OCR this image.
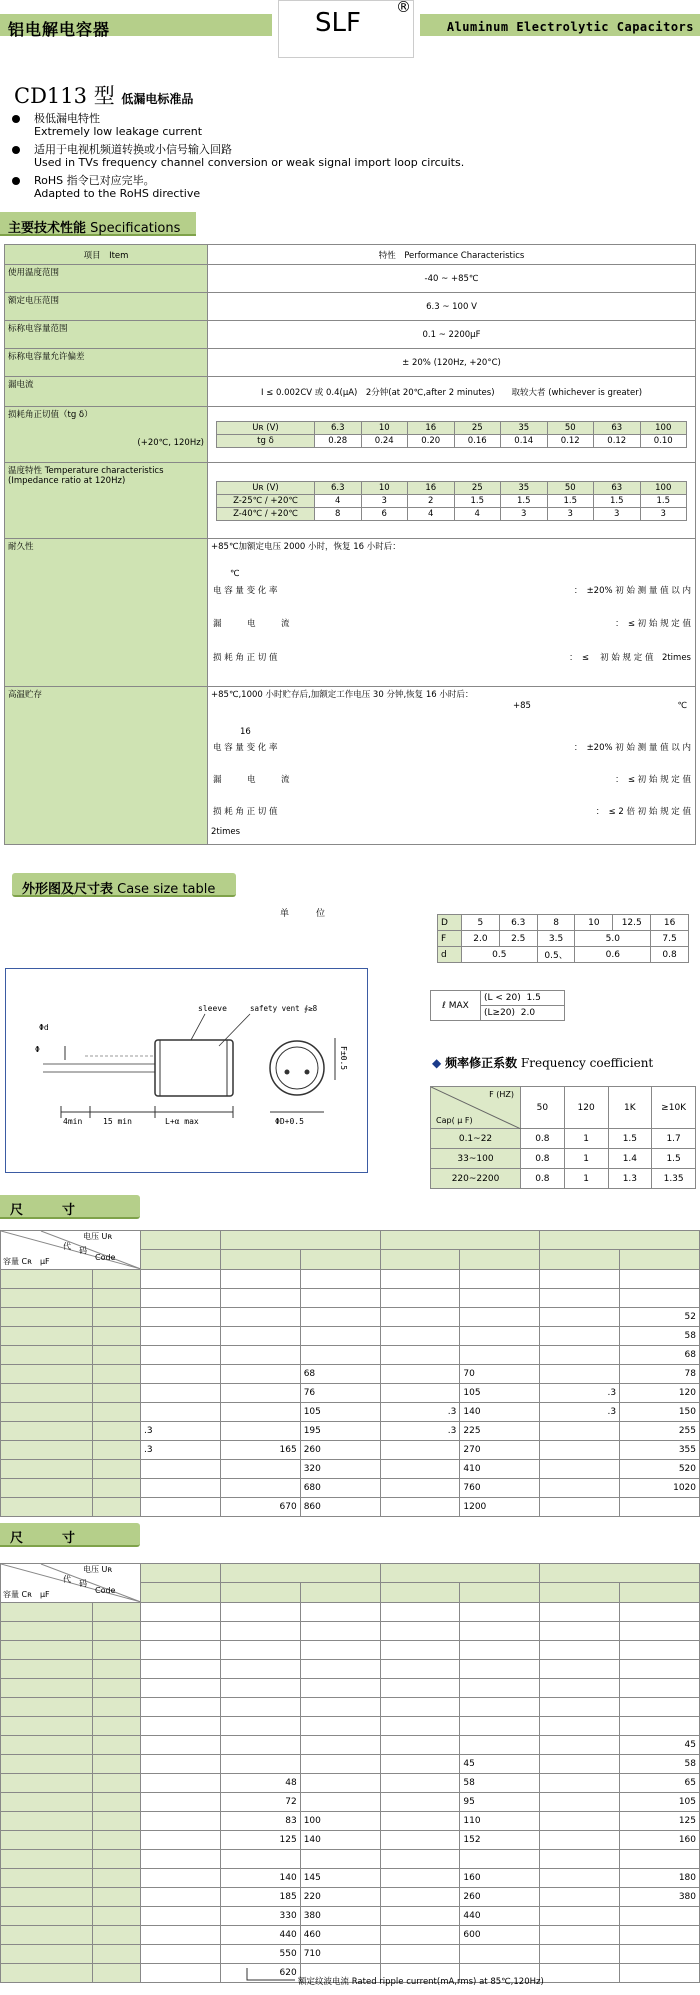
铝电解电容器	Aluminum Electrolytic Capacitors
SLF
®
CD113 型 低漏电标准品
极低漏电特性
Extremely low leakage current
适用于电视机频道转换或小信号输入回路
Used in TVs frequency channel conversion or weak signal import loop circuits.
RoHS 指令已对应完毕。
Adapted to the RoHS directive
主要技术性能 Specifications
项目　Item	特性　Performance Characteristics
使用温度范围	-40 ~ +85℃
额定电压范围	6.3 ~ 100 V
标称电容量范围	0.1 ~ 2200μF
标称电容量允许偏差	± 20% (120Hz, +20°C)
漏电流	I ≤ 0.002CV 或 0.4(μA)　2分钟(at 20℃,after 2 minutes)　　取较大者 (whichever is greater)

损耗角正切值（tg δ）
(+20℃, 120Hz)

Uʀ (V)	6.3	10	16	25	35	50	63	100
tg δ	0.28	0.24	0.20	0.16	0.14	0.12	0.12	0.10

温度特性 Temperature characteristics
(Impedance ratio at 120Hz)

Uʀ (V)	6.3	10	16	25	35	50	63	100
Z-25℃ / +20℃	4	3	2	1.5	1.5	1.5	1.5	1.5
Z-40℃ / +20℃	8	6	4	4	3	3	3	3

耐久性	+85℃加额定电压 2000 小时，恢复 16 小时后：
℃
电 容 量 变 化 率	：　±20% 初 始 测 量 值 以 内
漏　　　电　　　流	：　≤ 初 始 规 定 值
损 耗 角 正 切 值	：　≤　 初 始 规 定 值　2times

高温贮存	+85℃,1000 小时贮存后,加额定工作电压 30 分钟,恢复 16 小时后：
+85	℃
16
电 容 量 变 化 率	：　±20% 初 始 测 量 值 以 内
漏　　　电　　　流	：　≤ 初 始 规 定 值
损 耗 角 正 切 值	：　≤ 2 倍 初 始 规 定 值
2times
外形图及尺寸表 Case size table
单　　　位
D	5	6.3	8	10	12.5	16
F	2.0	2.5	3.5	5.0		7.5
d	0.5		0.5、	0.6		0.8
ℓ MAX	(L < 20) 1.5
(L≥20) 2.0
sleeve	safety vent ∮≥8
Φd
Φ
4min	15 min	L+α max	ΦD+0.5
F±0.5	◆ 频率修正系数 Frequency coefficient
F (HZ)
Cap( μ F)	50	120	1K	≥10K
0.1~22	0.8	1	1.5	1.7
33~100	0.8	1	1.4	1.5
220~2200	0.8	1	1.3	1.35
尺　　　寸
电压 Uʀ
代 码
Code
容量 Cʀ　μF								

								52
								58
								68
				68		70		78
				76		105	.3	120
				105	.3	140	.3	150
		.3		195	.3	225		255
		.3	165	260		270		355
				320		410		520
				680		760		1020
			670	860		1200		
尺　　　寸
电压 Uʀ
代 码
Code
容量 Cʀ　μF								

								45
						45		58
			48			58		65
			72			95		105
			83	100		110		125
			125	140		152		160

			140	145		160		180
			185	220		260		380
			330	380		440		
			440	460		600		
			550	710				
			620					
额定纹波电流 Rated ripple current(mA,rms) at 85℃,120Hz)
